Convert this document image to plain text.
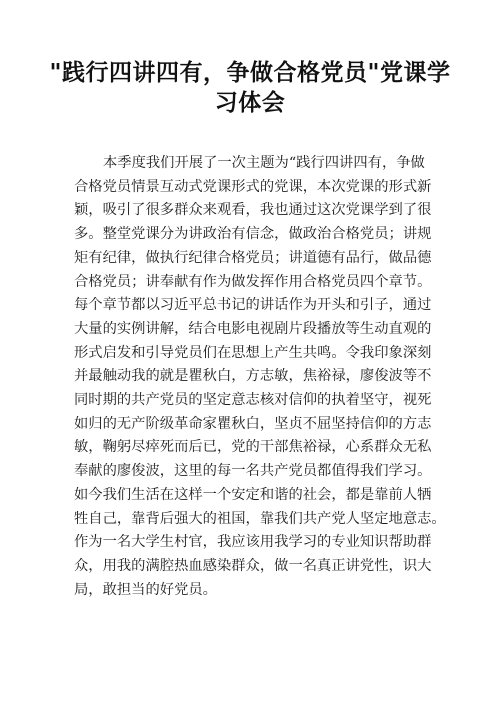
"践行四讲四有，争做合格党员"党课学
习体会
本季度我们开展了一次主题为“践行四讲四有，争做
合格党员情景互动式党课形式的党课，本次党课的形式新
颖，吸引了很多群众来观看，我也通过这次党课学到了很
多。整堂党课分为讲政治有信念，做政治合格党员；讲规
矩有纪律，做执行纪律合格党员；讲道德有品行，做品德
合格党员；讲奉献有作为做发挥作用合格党员四个章节。
每个章节都以习近平总书记的讲话作为开头和引子，通过
大量的实例讲解，结合电影电视剧片段播放等生动直观的
形式启发和引导党员们在思想上产生共鸣。令我印象深刻
并最触动我的就是瞿秋白，方志敏，焦裕禄，廖俊波等不
同时期的共产党员的坚定意志核对信仰的执着坚守，视死
如归的无产阶级革命家瞿秋白，坚贞不屈坚持信仰的方志
敏，鞠躬尽瘁死而后已，党的干部焦裕禄，心系群众无私
奉献的廖俊波，这里的每一名共产党员都值得我们学习。
如今我们生活在这样一个安定和谐的社会，都是靠前人牺
牲自己，靠背后强大的祖国，靠我们共产党人坚定地意志。
作为一名大学生村官，我应该用我学习的专业知识帮助群
众，用我的满腔热血感染群众，做一名真正讲党性，识大
局，敢担当的好党员。
